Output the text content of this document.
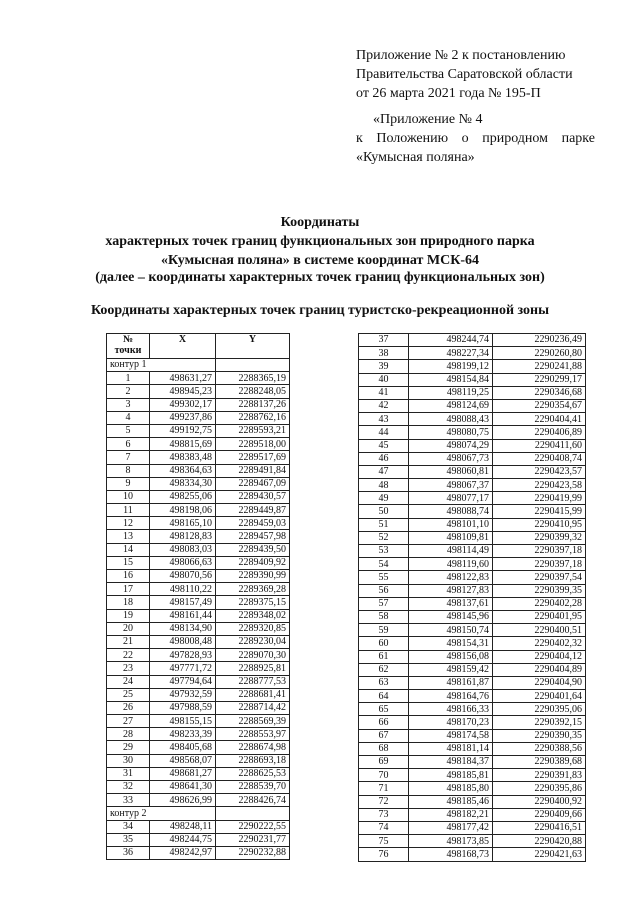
Приложение № 2 к постановлению
Правительства Саратовской области
от 26 марта 2021 года № 195-П
«Приложение № 4
к Положению о природном парке
«Кумысная поляна»
Координаты
характерных точек границ функциональных зон природного парка
«Кумысная поляна» в системе координат МСК-64
(далее – координаты характерных точек границ функциональных зон)
Координаты характерных точек границ туристско-рекреационной зоны
№
точки	X	Y
контур 1		
1	498631,27	2288365,19
2	498945,23	2288248,05
3	499302,17	2288137,26
4	499237,86	2288762,16
5	499192,75	2289593,21
6	498815,69	2289518,00
7	498383,48	2289517,69
8	498364,63	2289491,84
9	498334,30	2289467,09
10	498255,06	2289430,57
11	498198,06	2289449,87
12	498165,10	2289459,03
13	498128,83	2289457,98
14	498083,03	2289439,50
15	498066,63	2289409,92
16	498070,56	2289390,99
17	498110,22	2289369,28
18	498157,49	2289375,15
19	498161,44	2289348,02
20	498134,90	2289320,85
21	498008,48	2289230,04
22	497828,93	2289070,30
23	497771,72	2288925,81
24	497794,64	2288777,53
25	497932,59	2288681,41
26	497988,59	2288714,42
27	498155,15	2288569,39
28	498233,39	2288553,97
29	498405,68	2288674,98
30	498568,07	2288693,18
31	498681,27	2288625,53
32	498641,30	2288539,70
33	498626,99	2288426,74
контур 2		
34	498248,11	2290222,55
35	498244,75	2290231,77
36	498242,97	2290232,88
37	498244,74	2290236,49
38	498227,34	2290260,80
39	498199,12	2290241,88
40	498154,84	2290299,17
41	498119,25	2290346,68
42	498124,69	2290354,67
43	498088,43	2290404,41
44	498080,75	2290406,89
45	498074,29	2290411,60
46	498067,73	2290408,74
47	498060,81	2290423,57
48	498067,37	2290423,58
49	498077,17	2290419,99
50	498088,74	2290415,99
51	498101,10	2290410,95
52	498109,81	2290399,32
53	498114,49	2290397,18
54	498119,60	2290397,18
55	498122,83	2290397,54
56	498127,83	2290399,35
57	498137,61	2290402,28
58	498145,96	2290401,95
59	498150,74	2290400,51
60	498154,31	2290402,32
61	498156,08	2290404,12
62	498159,42	2290404,89
63	498161,87	2290404,90
64	498164,76	2290401,64
65	498166,33	2290395,06
66	498170,23	2290392,15
67	498174,58	2290390,35
68	498181,14	2290388,56
69	498184,37	2290389,68
70	498185,81	2290391,83
71	498185,80	2290395,86
72	498185,46	2290400,92
73	498182,21	2290409,66
74	498177,42	2290416,51
75	498173,85	2290420,88
76	498168,73	2290421,63
